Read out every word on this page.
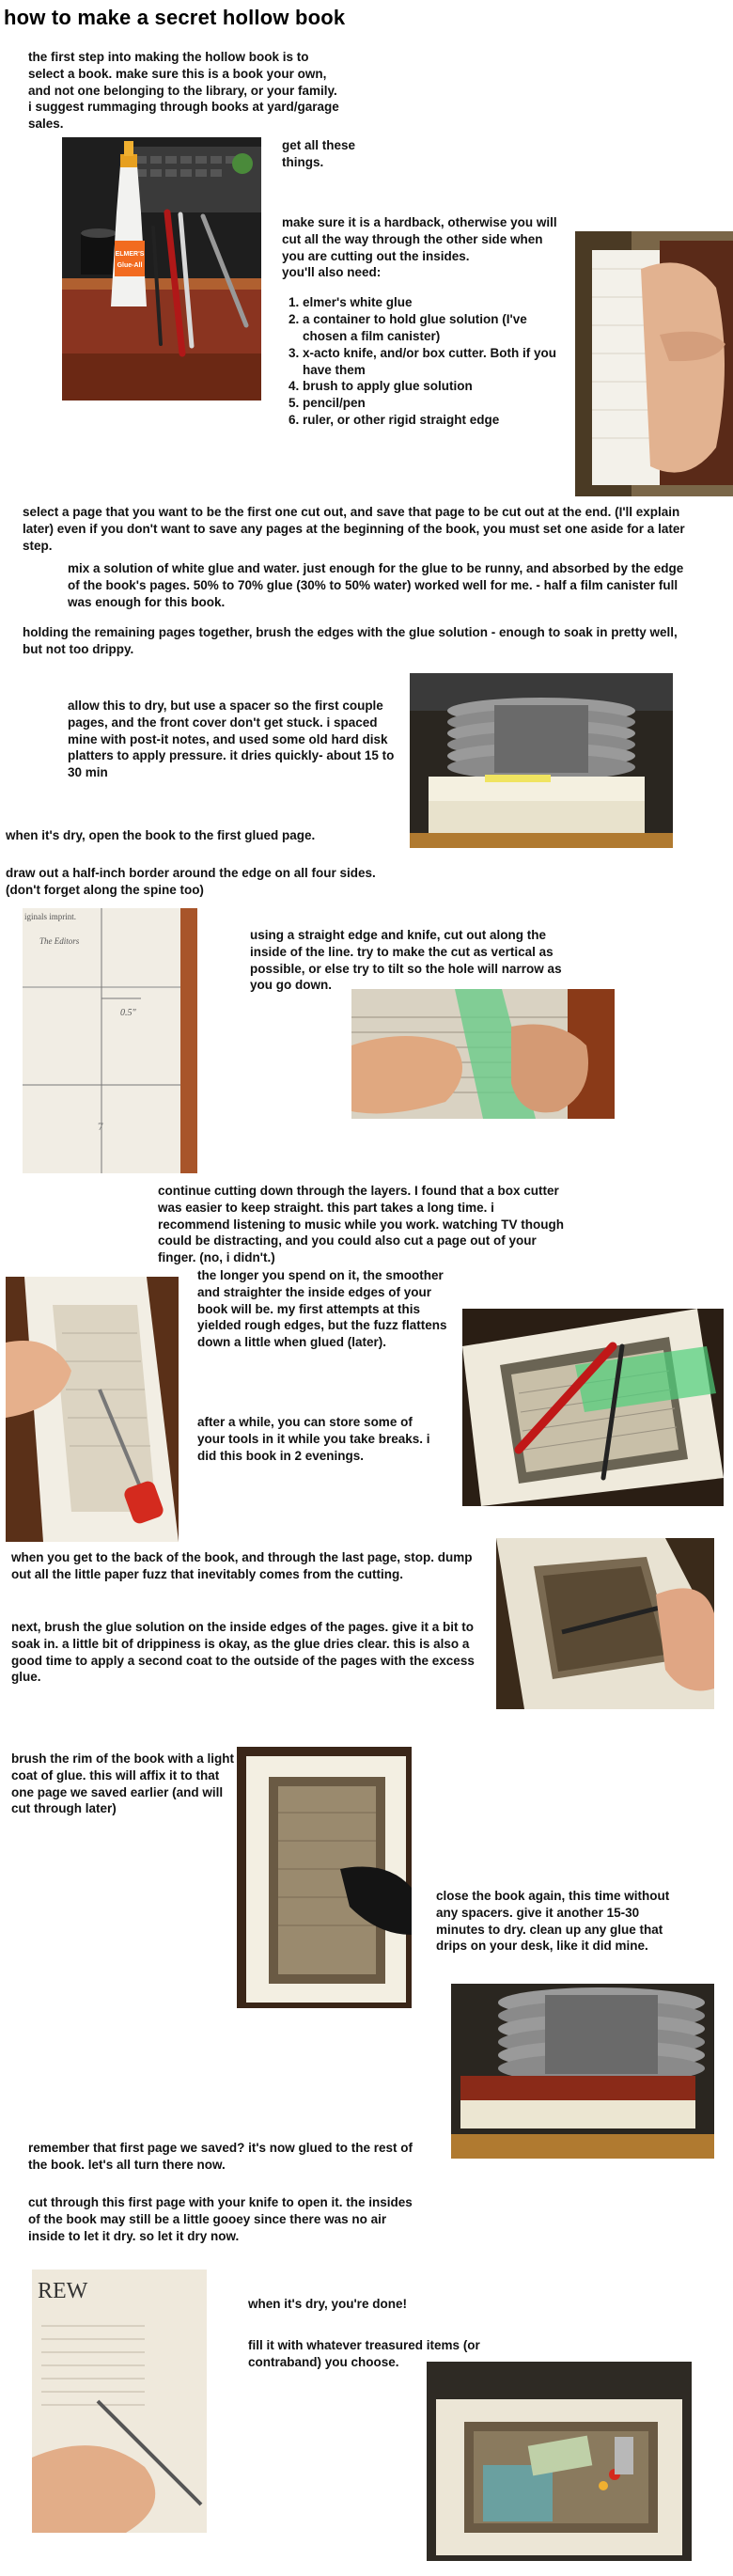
how to make a secret hollow book
the first step into making the hollow book is to select a book. make sure this is a book your own, and not one belonging to the library, or your family. i suggest rummaging through books at yard/garage sales.
ELMER'S
Glue-All
get all these things.
make sure it is a hardback, otherwise you will cut all the way through the other side when you are cutting out the insides.
you'll also need:
1. elmer's white glue
2. a container to hold glue solution (I've chosen a film canister)
3. x-acto knife, and/or box cutter. Both if you have them
4. brush to apply glue solution
5. pencil/pen
6. ruler, or other rigid straight edge
select a page that you want to be the first one cut out, and save that page to be cut out at the end. (I'll explain later) even if you don't want to save any pages at the beginning of the book, you must set one aside for a later step.
mix a solution of white glue and water. just enough for the glue to be runny, and absorbed by the edge of the book's pages. 50% to 70% glue (30% to 50% water) worked well for me. - half a film canister full was enough for this book.
holding the remaining pages together, brush the edges with the glue solution - enough to soak in pretty well, but not too drippy.
allow this to dry, but use a spacer so the first couple pages, and the front cover don't get stuck. i spaced mine with post-it notes, and used some old hard disk platters to apply pressure. it dries quickly- about 15 to 30 min
when it's dry, open the book to the first glued page.
draw out a half-inch border around the edge on all four sides. (don't forget along the spine too)
iginals imprint.
The Editors
0.5"
7
using a straight edge and knife, cut out along the inside of the line. try to make the cut as vertical as possible, or else try to tilt so the hole will narrow as you go down.
continue cutting down through the layers. I found that a box cutter was easier to keep straight. this part takes a long time. i recommend listening to music while you work. watching TV though could be distracting, and you could also cut a page out of your finger. (no, i didn't.)
the longer you spend on it, the smoother and straighter the inside edges of your book will be. my first attempts at this yielded rough edges, but the fuzz flattens down a little when glued (later).
after a while, you can store some of your tools in it while you take breaks. i did this book in 2 evenings.
when you get to the back of the book, and through the last page, stop. dump out all the little paper fuzz that inevitably comes from the cutting.
next, brush the glue solution on the inside edges of the pages. give it a bit to soak in. a little bit of drippiness is okay, as the glue dries clear. this is also a good time to apply a second coat to the outside of the pages with the excess glue.
brush the rim of the book with a light coat of glue. this will affix it to that one page we saved earlier (and will cut through later)
close the book again, this time without any spacers. give it another 15-30 minutes to dry. clean up any glue that drips on your desk, like it did mine.
remember that first page we saved? it's now glued to the rest of the book. let's all turn there now.
cut through this first page with your knife to open it. the insides of the book may still be a little gooey since there was no air inside to let it dry. so let it dry now.
REW
when it's dry, you're done!
fill it with whatever treasured items (or contraband) you choose.
